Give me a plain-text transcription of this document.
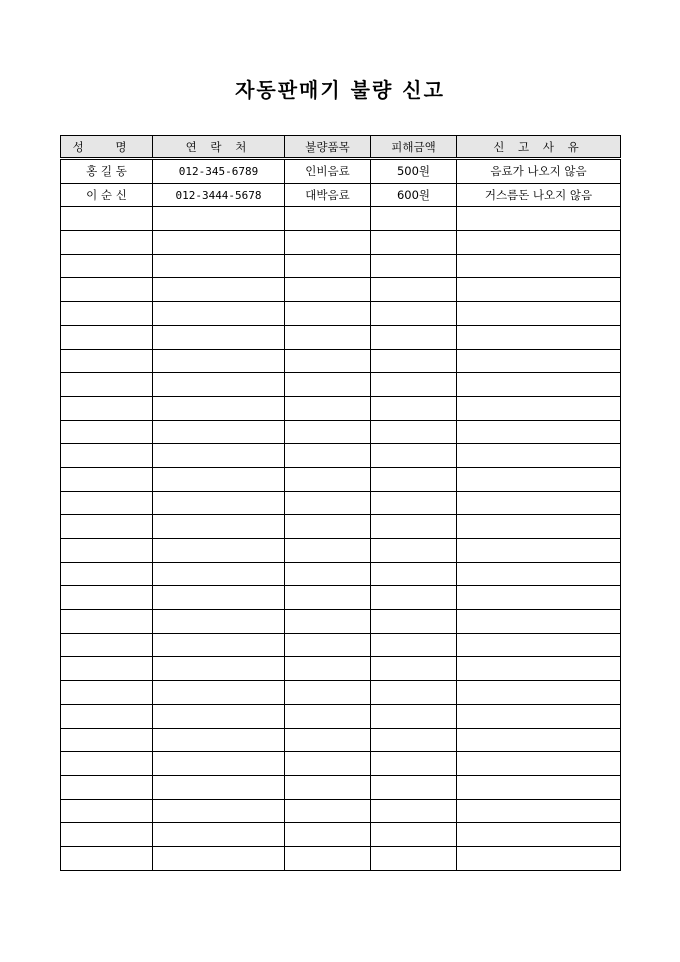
자동판매기 불량 신고
성 명	연 락 처	불량품목	피해금액	신 고 사 유
홍 길 동	012-345-6789	인비음료	500원	음료가 나오지 않음
이 순 신	012-3444-5678	대박음료	600원	거스름돈 나오지 않음
